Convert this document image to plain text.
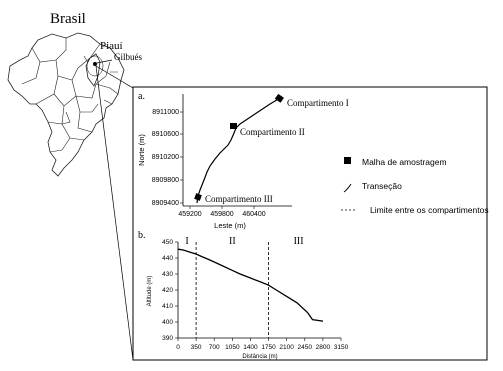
Brasil
Piauí
Gilbués
a.
8911000
8910600
8910200
8909800
8909400
459200 459800 460400
Leste (m)
Norte (m)
Compartimento I
Compartimento II
Compartimento III
Malha de amostragem
Transeção
Limite entre os compartimentos
b.
450
440
430
420
410
400
390
0 350 700 1050 1400 1750 2100 2450 2800 3150
I	II	III
Distância (m)
Altitude (m)
